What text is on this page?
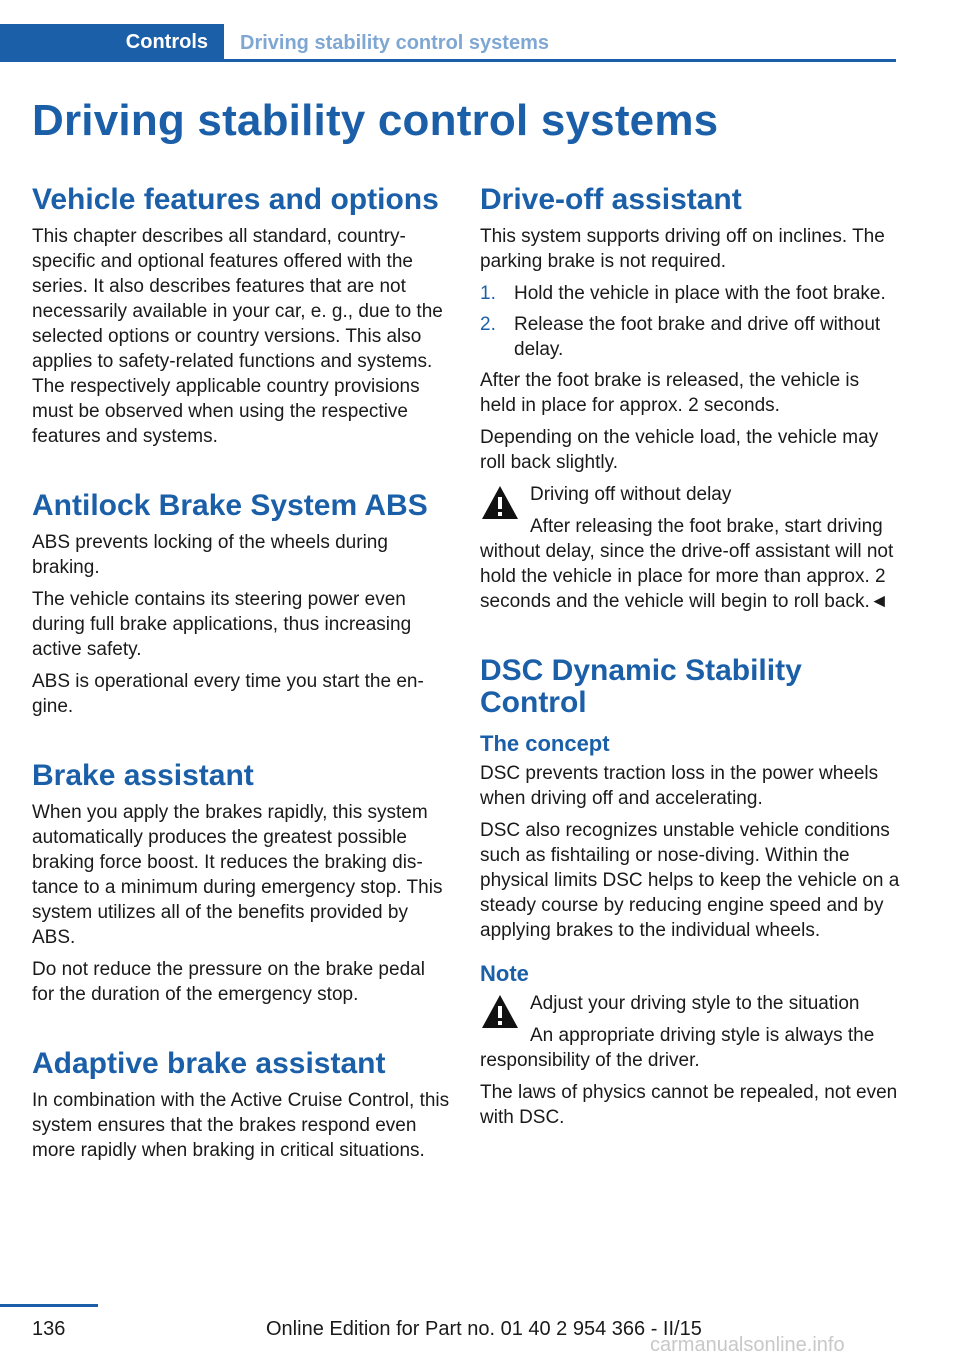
Controls	Driving stability control systems
Driving stability control systems
Vehicle features and options

This chapter describes all standard, country-specific and optional features offered with the series. It also describes features that are not necessarily available in your car, e. g., due to the selected options or country versions. This also applies to safety-related functions and systems. The respectively applicable country provisions must be observed when using the respective features and systems.

Antilock Brake System ABS

ABS prevents locking of the wheels during braking.

The vehicle contains its steering power even during full brake applications, thus increasing active safety.

ABS is operational every time you start the engine.

Brake assistant

When you apply the brakes rapidly, this system automatically produces the greatest possible braking force boost. It reduces the braking distance to a minimum during emergency stop. This system utilizes all of the benefits provided by ABS.

Do not reduce the pressure on the brake pedal for the duration of the emergency stop.

Adaptive brake assistant

In combination with the Active Cruise Control, this system ensures that the brakes respond even more rapidly when braking in critical situations.

Drive-off assistant

This system supports driving off on inclines. The parking brake is not required.

1. Hold the vehicle in place with the foot brake.
2. Release the foot brake and drive off without delay.

After the foot brake is released, the vehicle is held in place for approx. 2 seconds.

Depending on the vehicle load, the vehicle may roll back slightly.

Driving off without delay

After releasing the foot brake, start driving without delay, since the drive-off assistant will not hold the vehicle in place for more than approx. 2 seconds and the vehicle will begin to roll back.◄

DSC Dynamic Stability Control
The concept

DSC prevents traction loss in the power wheels when driving off and accelerating.

DSC also recognizes unstable vehicle conditions such as fishtailing or nose-diving. Within the physical limits DSC helps to keep the vehicle on a steady course by reducing engine speed and by applying brakes to the individual wheels.

Note

Adjust your driving style to the situation

An appropriate driving style is always the responsibility of the driver.

The laws of physics cannot be repealed, not even with DSC.

136	Online Edition for Part no. 01 40 2 954 366 - II/15
carmanualsonline.info
